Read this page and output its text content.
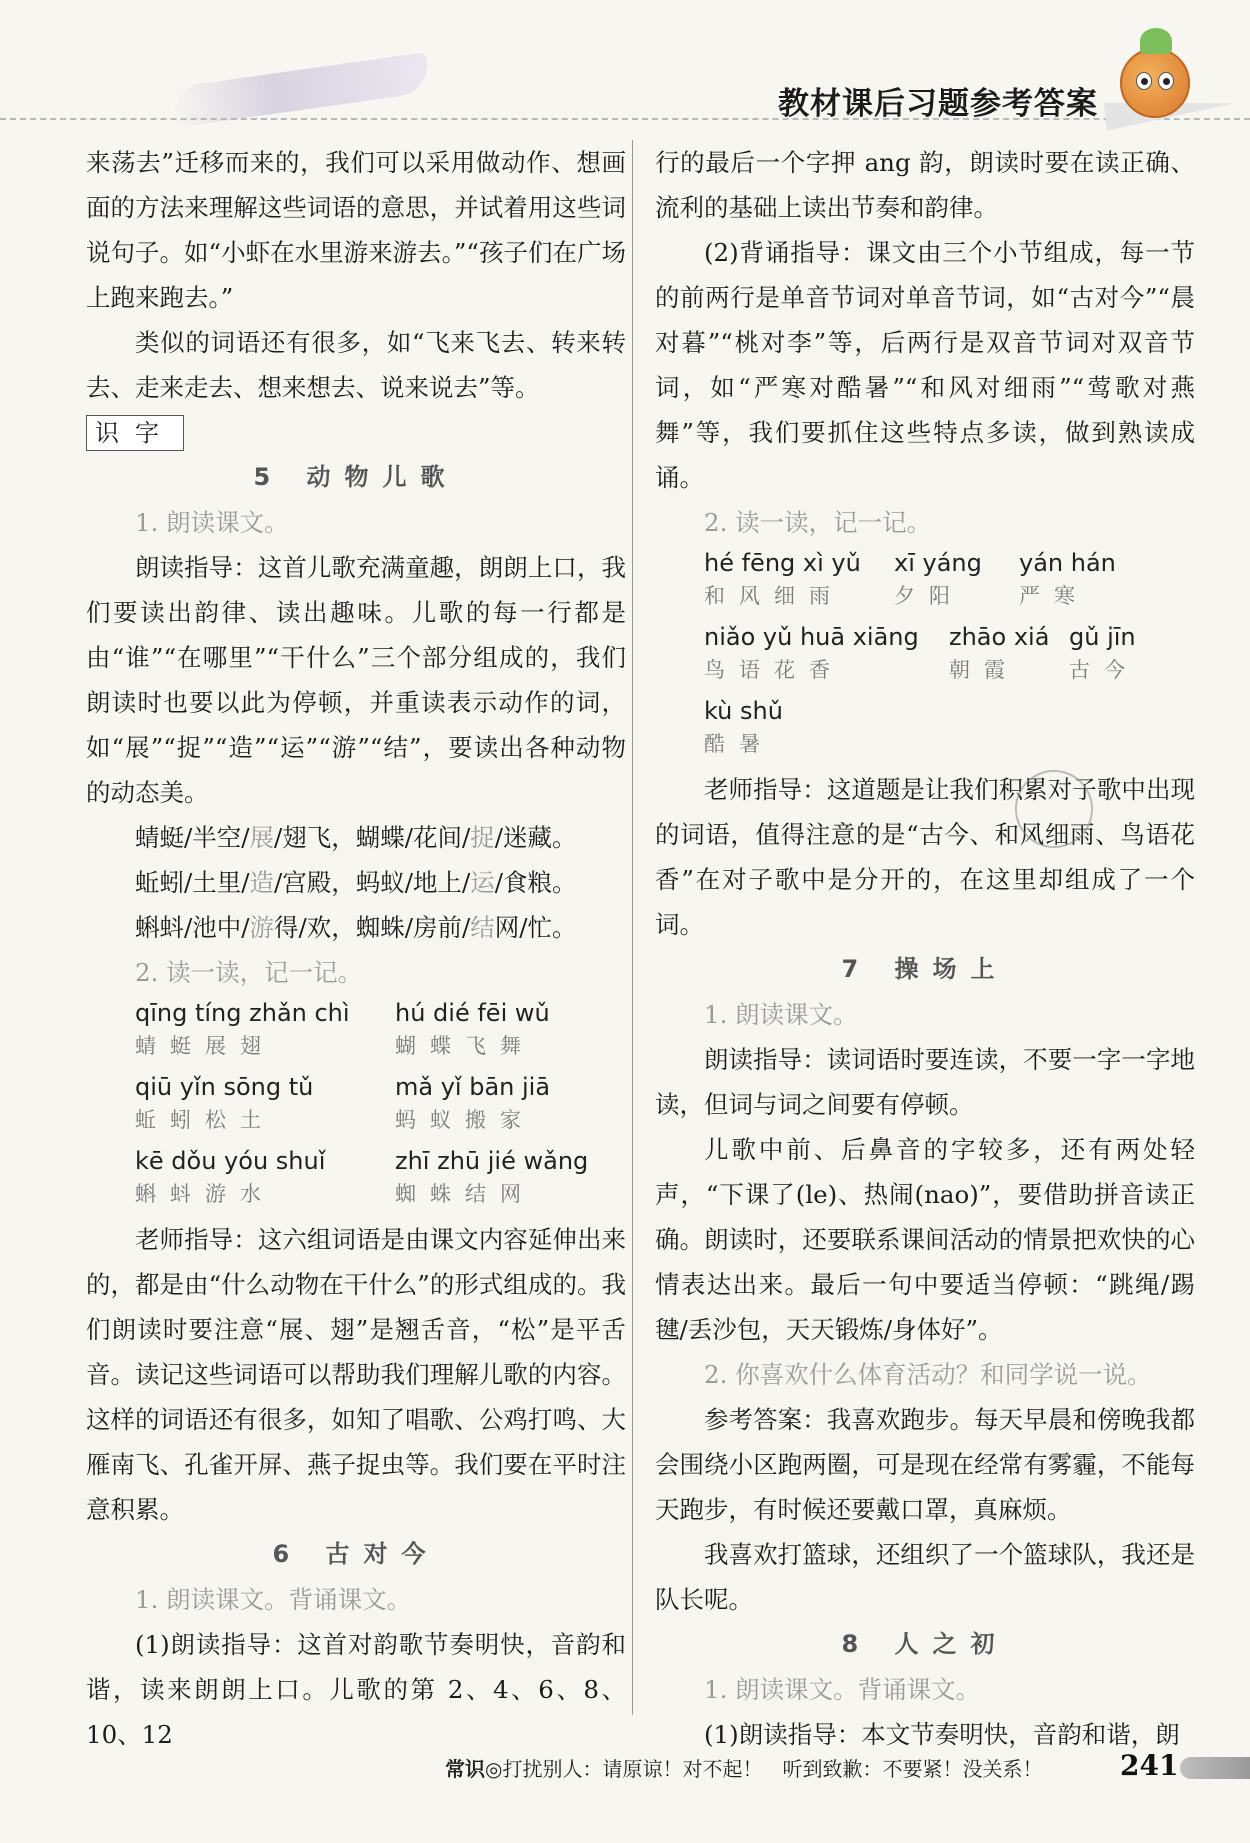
教材课后习题参考答案

来荡去”迁移而来的，我们可以采用做动作、想画面的方法来理解这些词语的意思，并试着用这些词说句子。如“小虾在水里游来游去。”“孩子们在广场上跑来跑去。”

类似的词语还有很多，如“飞来飞去、转来转去、走来走去、想来想去、说来说去”等。

识字

5 动物儿歌

1. 朗读课文。

朗读指导：这首儿歌充满童趣，朗朗上口，我们要读出韵律、读出趣味。儿歌的每一行都是由“谁”“在哪里”“干什么”三个部分组成的，我们朗读时也要以此为停顿，并重读表示动作的词，如“展”“捉”“造”“运”“游”“结”，要读出各种动物的动态美。

蜻蜓/半空/展/翅飞，蝴蝶/花间/捉/迷藏。

蚯蚓/土里/造/宫殿，蚂蚁/地上/运/食粮。

蝌蚪/池中/游得/欢，蜘蛛/房前/结网/忙。

2. 读一读，记一记。

qīng tíng zhǎn chì
蜻蜓展翅
hú dié fēi wǔ
蝴蝶飞舞
qiū yǐn sōng tǔ
蚯蚓松土
mǎ yǐ bān jiā
蚂蚁搬家
kē dǒu yóu shuǐ
蝌蚪游水
zhī zhū jié wǎng
蜘蛛结网

老师指导：这六组词语是由课文内容延伸出来的，都是由“什么动物在干什么”的形式组成的。我们朗读时要注意“展、翅”是翘舌音，“松”是平舌音。读记这些词语可以帮助我们理解儿歌的内容。这样的词语还有很多，如知了唱歌、公鸡打鸣、大雁南飞、孔雀开屏、燕子捉虫等。我们要在平时注意积累。

6 古对今

1. 朗读课文。背诵课文。

(1)朗读指导：这首对韵歌节奏明快，音韵和谐，读来朗朗上口。儿歌的第 2、4、6、8、10、12

行的最后一个字押 ang 韵，朗读时要在读正确、流利的基础上读出节奏和韵律。

(2)背诵指导：课文由三个小节组成，每一节的前两行是单音节词对单音节词，如“古对今”“晨对暮”“桃对李”等，后两行是双音节词对双音节词，如“严寒对酷暑”“和风对细雨”“莺歌对燕舞”等，我们要抓住这些特点多读，做到熟读成诵。

2. 读一读，记一记。

hé fēng xì yǔ
和风细雨
xī yáng
夕阳
yán hán
严寒
niǎo yǔ huā xiāng
鸟语花香
zhāo xiá
朝霞
gǔ jīn
古今
kù shǔ
酷暑

老师指导：这道题是让我们积累对子歌中出现的词语，值得注意的是“古今、和风细雨、鸟语花香”在对子歌中是分开的，在这里却组成了一个词。

7 操场上

1. 朗读课文。

朗读指导：读词语时要连读，不要一字一字地读，但词与词之间要有停顿。

儿歌中前、后鼻音的字较多，还有两处轻声，“下课了(le)、热闹(nao)”，要借助拼音读正确。朗读时，还要联系课间活动的情景把欢快的心情表达出来。最后一句中要适当停顿：“跳绳/踢毽/丢沙包，天天锻炼/身体好”。

2. 你喜欢什么体育活动？和同学说一说。

参考答案：我喜欢跑步。每天早晨和傍晚我都会围绕小区跑两圈，可是现在经常有雾霾，不能每天跑步，有时候还要戴口罩，真麻烦。

我喜欢打篮球，还组织了一个篮球队，我还是队长呢。

8 人之初

1. 朗读课文。背诵课文。

(1)朗读指导：本文节奏明快，音韵和谐，朗

常识◎打扰别人：请原谅！对不起！　听到致歉：不要紧！没关系！	241
